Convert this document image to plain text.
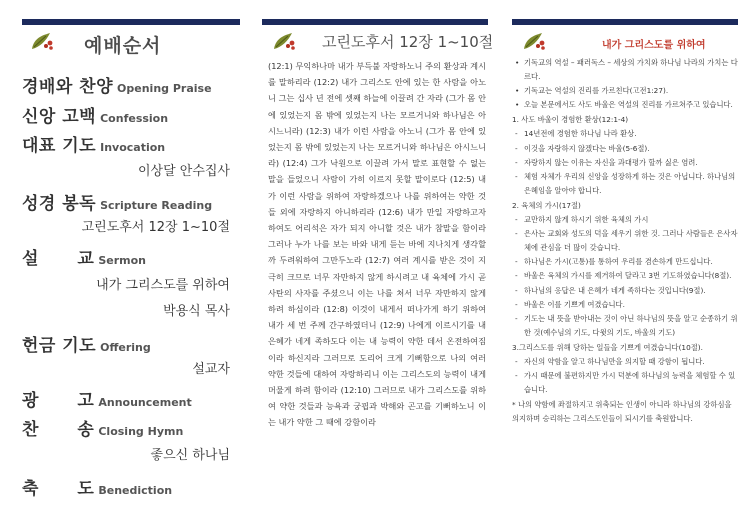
예배순서
경배와 찬양 Opening Praise
신앙 고백 Confession
대표 기도 Invocation
이상달 안수집사
성경 봉독 Scripture Reading
고린도후서 12장 1~10절
설      교 Sermon
내가 그리스도를 위하여
박용식 목사
헌금 기도 Offering
설교자
광      고 Announcement
찬      송 Closing Hymn
좋으신 하나님
축      도 Benediction
고린도후서 12장 1~10절
(12:1) 무익하나마 내가 부득불 자랑하노니 주의 환상과 계시를 말하리라 (12:2) 내가 그리스도 안에 있는 한 사람을 아노니 그는 십사 년 전에 셋째 하늘에 이끌려 간 자라 (그가 몸 안에 있었는지 몸 밖에 있었는지 나는 모르거니와 하나님은 아시느니라) (12:3) 내가 이런 사람을 아노니 (그가 몸 안에 있었는지 몸 밖에 있었는지 나는 모르거니와 하나님은 아시느니라) (12:4) 그가 낙원으로 이끌려 가서 말로 표현할 수 없는 말을 들었으니 사람이 가히 이르지 못할 말이로다 (12:5) 내가 이런 사람을 위하여 자랑하겠으나 나를 위하여는 약한 것들 외에 자랑하지 아니하리라 (12:6) 내가 만일 자랑하고자 하여도 어리석은 자가 되지 아니할 것은 내가 참말을 함이라 그러나 누가 나를 보는 바와 내게 듣는 바에 지나치게 생각할까 두려워하여 그만두노라 (12:7) 여러 계시를 받은 것이 지극히 크므로 너무 자만하지 않게 하시려고 내 육체에 가시 곧 사탄의 사자를 주셨으니 이는 나를 쳐서 너무 자만하지 않게 하려 하심이라 (12:8) 이것이 내게서 떠나가게 하기 위하여 내가 세 번 주께 간구하였더니 (12:9) 나에게 이르시기를 내 은혜가 네게 족하도다 이는 내 능력이 약한 데서 온전하여짐이라 하신지라 그러므로 도리어 크게 기뻐함으로 나의 여러 약한 것들에 대하여 자랑하리니 이는 그리스도의 능력이 내게 머물게 하려 함이라 (12:10) 그러므로 내가 그리스도를 위하여 약한 것들과 능욕과 궁핍과 박해와 곤고를 기뻐하노니 이는 내가 약한 그 때에 강함이라
내가 그리스도를 위하여
• 기독교의 역설 – 패러독스 – 세상의 가치와 하나님 나라의 가치는 다르다.
• 기독교는 역설의 진리를 가르친다(고전1:27).
• 오늘 본문에서도 사도 바울은 역설의 진리를 가르쳐주고 있습니다.
1. 사도 바울이 경험한 환상(12:1-4)
- 14년전에 경험한 하나님 나라 환상.
- 이것을 자랑하지 않겠다는 바울(5-6절).
- 자랑하지 않는 이유는 자신을 과대평가 할까 싫은 염려.
- 체험 자체가 우리의 신앙을 성장하게 하는 것은 아닙니다. 하나님의 은혜임을 알아야 합니다.
2. 육체의 가시(17절)
- 교만하지 않게 하시기 위한 육체의 가시
- 은사는 교회와 성도의 덕을 세우기 위한 것. 그러나 사람들은 은사자체에 관심을 더 많이 갖습니다.
- 하나님은 가시(고통)를 통하여 우리를 겸손하게 만드십니다.
- 바울은 육체의 가시를 제거하여 달라고 3번 기도하였습니다(8절).
- 하나님의 응답은 내 은혜가 네게 족하다는 것입니다(9절).
- 바울은 이를 기쁘게 여겼습니다.
- 기도는 내 뜻을 받아내는 것이 아닌 하나님의 뜻을 알고 순종하기 위한 것(예수님의 기도, 다윗의 기도, 바울의 기도)
3.그리스도를 위해 당하는 일들을 기쁘게 여겼습니다(10절).
- 자신의 약함을 알고 하나님만을 의지할 때 강함이 됩니다.
- 가시 때문에 불편하지만 가시 덕분에 하나님의 능력을 체험할 수 있습니다.
* 나의 약함에 좌절하지고 위축되는 인생이 아니라 하나님의 강하심을 의지하며 승리하는 그리스도인들이 되시기를 축원합니다.
